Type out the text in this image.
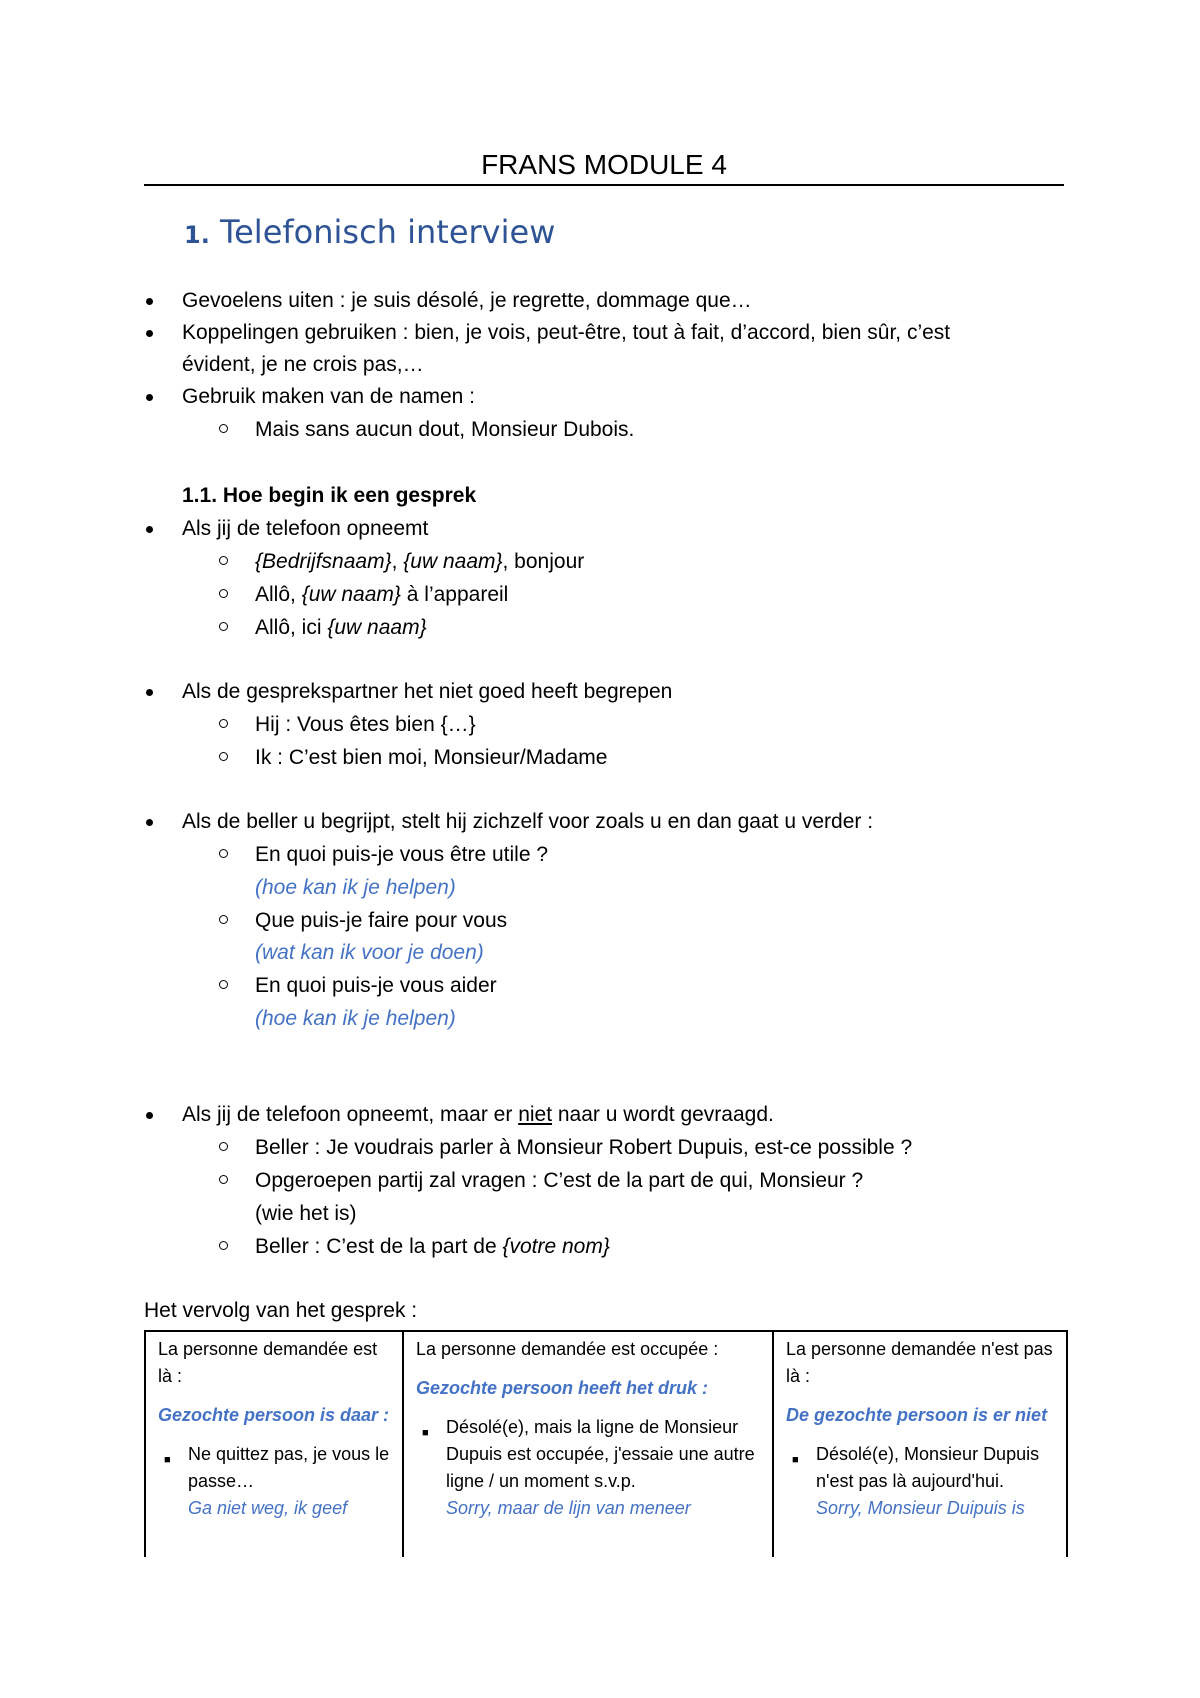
FRANS MODULE 4
1. Telefonisch interview
Gevoelens uiten : je suis désolé, je regrette, dommage que…
Koppelingen gebruiken : bien, je vois, peut-être, tout à fait, d’accord, bien sûr, c’est
évident, je ne crois pas,…
Gebruik maken van de namen :
Mais sans aucun dout, Monsieur Dubois.
1.1. Hoe begin ik een gesprek
Als jij de telefoon opneemt
{Bedrijfsnaam}, {uw naam}, bonjour
Allô, {uw naam} à l’appareil
Allô, ici {uw naam}
Als de gesprekspartner het niet goed heeft begrepen
Hij : Vous êtes bien {…}
Ik : C’est bien moi, Monsieur/Madame
Als de beller u begrijpt, stelt hij zichzelf voor zoals u en dan gaat u verder :
En quoi puis-je vous être utile ?
(hoe kan ik je helpen)
Que puis-je faire pour vous
(wat kan ik voor je doen)
En quoi puis-je vous aider
(hoe kan ik je helpen)
Als jij de telefoon opneemt, maar er niet naar u wordt gevraagd.
Beller : Je voudrais parler à Monsieur Robert Dupuis, est-ce possible ?
Opgeroepen partij zal vragen : C’est de la part de qui, Monsieur ?
(wie het is)
Beller : C’est de la part de {votre nom}
Het vervolg van het gesprek :
La personne demandée est là :
Gezochte persoon is daar :
■ Ne quittez pas, je vous le passe…
Ga niet weg, ik geef

La personne demandée est occupée :
Gezochte persoon heeft het druk :
■ Désolé(e), mais la ligne de Monsieur Dupuis est occupée, j'essaie une autre ligne / un moment s.v.p.
Sorry, maar de lijn van meneer

La personne demandée n'est pas là :
De gezochte persoon is er niet
■ Désolé(e), Monsieur Dupuis n'est pas là aujourd'hui.
Sorry, Monsieur Duipuis is
